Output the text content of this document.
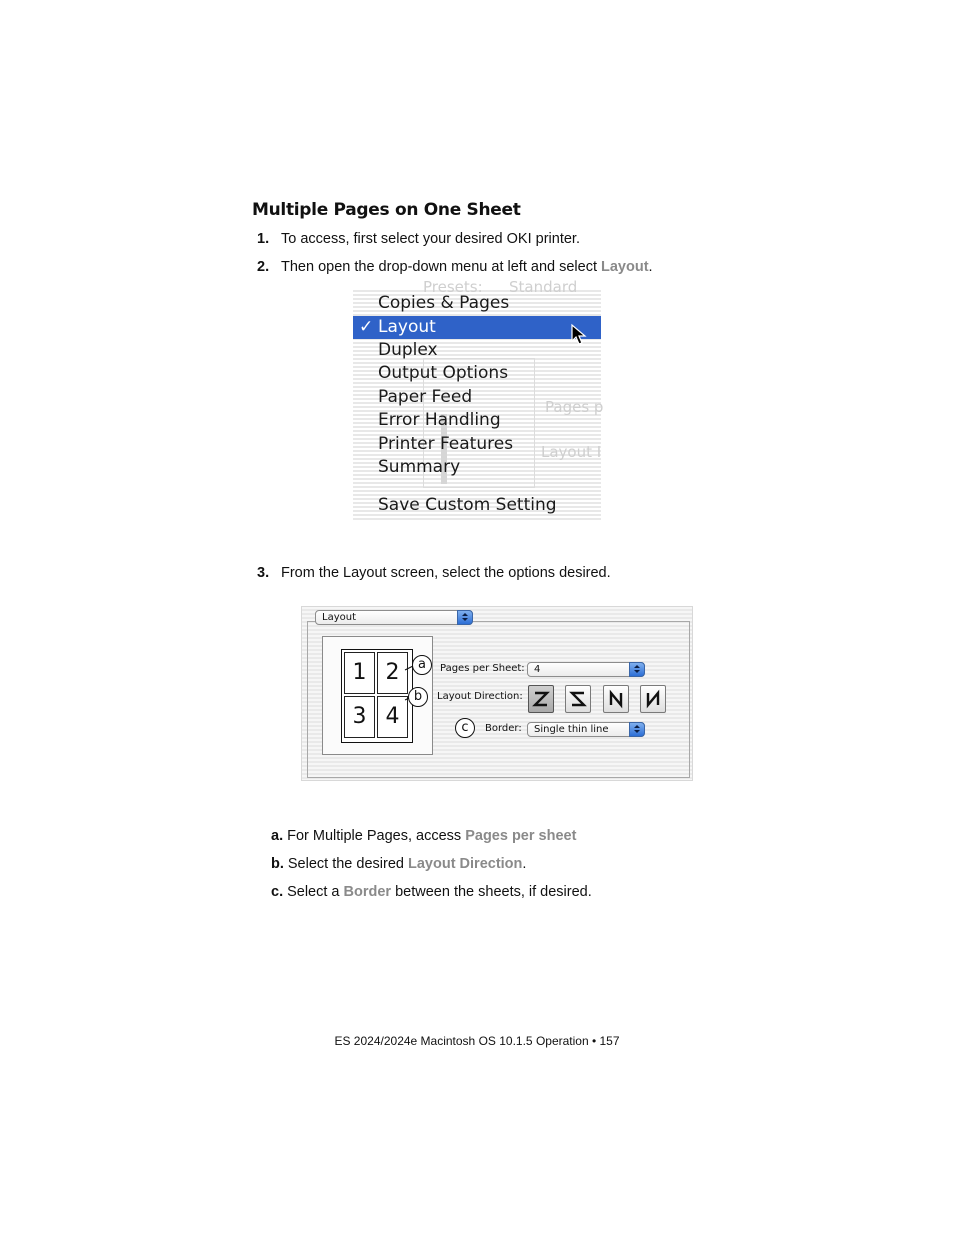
Multiple Pages on One Sheet
1. To access, first select your desired OKI printer.
2. Then open the drop-down menu at left and select Layout.
Presets: Standard
Pages p
Layout I
Copies & Pages
✓ Layout
Duplex
Output Options
Paper Feed
Error Handling
Printer Features
Summary
Save Custom Setting
3. From the Layout screen, select the options desired.
Layout
1 2
3 4
a
b
c
Pages per Sheet: 4
Layout Direction:
Border:	Single thin line
a. For Multiple Pages, access Pages per sheet
b. Select the desired Layout Direction.
c. Select a Border between the sheets, if desired.
ES 2024/2024e Macintosh OS 10.1.5 Operation • 157
